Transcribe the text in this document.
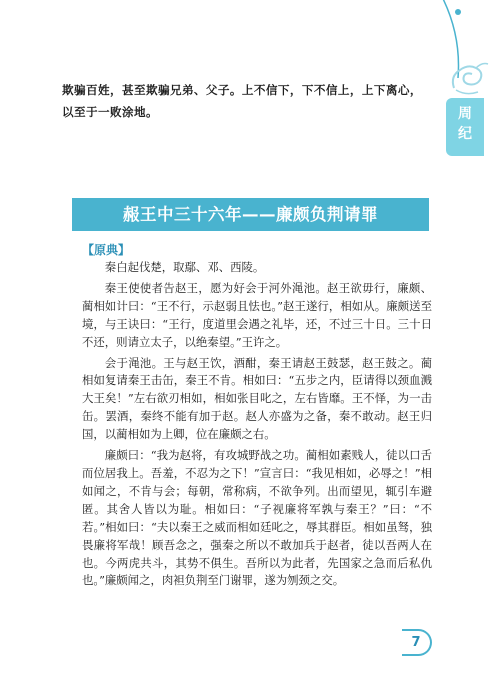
周
纪
欺骗百姓，甚至欺骗兄弟、父子。上不信下，下不信上，上下离心，以至于一败涂地。
赧王中三十六年——廉颇负荆请罪
【原典】

秦白起伐楚，取鄢、邓、西陵。

秦王使使者告赵王，愿为好会于河外渑池。赵王欲毋行，廉颇、蔺相如计曰：“王不行，示赵弱且怯也。”赵王遂行，相如从。廉颇送至境，与王诀曰：“王行，度道里会遇之礼毕，还，不过三十日。三十日不还，则请立太子，以绝秦望。”王许之。

会于渑池。王与赵王饮，酒酣，秦王请赵王鼓瑟，赵王鼓之。蔺相如复请秦王击缶，秦王不肯。相如曰：“五步之内，臣请得以颈血溅大王矣！”左右欲刃相如，相如张目叱之，左右皆靡。王不怿，为一击缶。罢酒，秦终不能有加于赵。赵人亦盛为之备，秦不敢动。赵王归国，以蔺相如为上卿，位在廉颇之右。

廉颇曰：“我为赵将，有攻城野战之功。蔺相如素贱人，徒以口舌而位居我上。吾羞，不忍为之下！”宣言曰：“我见相如，必辱之！”相如闻之，不肯与会；每朝，常称病，不欲争列。出而望见，辄引车避匿。其舍人皆以为耻。相如曰：“子视廉将军孰与秦王？”曰：“不若。”相如曰：“夫以秦王之威而相如廷叱之，辱其群臣。相如虽驽，独畏廉将军哉！顾吾念之，强秦之所以不敢加兵于赵者，徒以吾两人在也。今两虎共斗，其势不俱生。吾所以为此者，先国家之急而后私仇也。”廉颇闻之，肉袒负荆至门谢罪，遂为刎颈之交。

7
